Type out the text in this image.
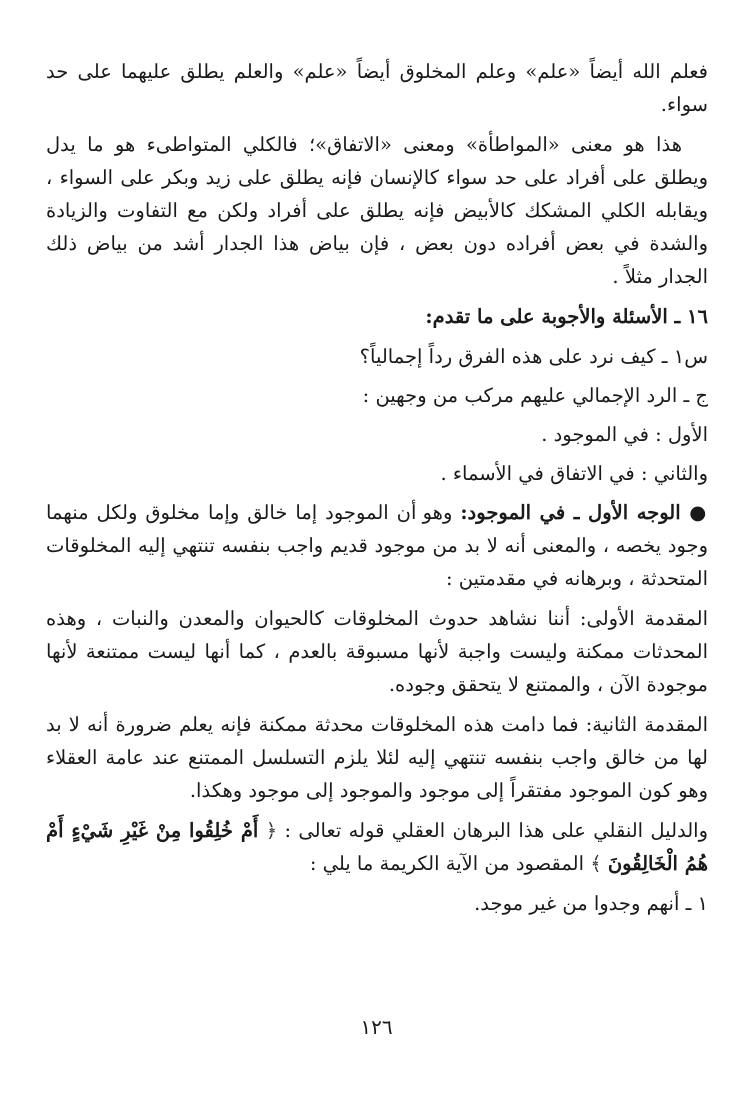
فعلم الله أيضاً «علم» وعلم المخلوق أيضاً «علم» والعلم يطلق عليهما على حد سواء.

هذا هو معنى «المواطأة» ومعنى «الاتفاق»؛ فالكلي المتواطىء هو ما يدل ويطلق على أفراد على حد سواء كالإنسان فإنه يطلق على زيد وبكر على السواء ، ويقابله الكلي المشكك كالأبيض فإنه يطلق على أفراد ولكن مع التفاوت والزيادة والشدة في بعض أفراده دون بعض ، فإن بياض هذا الجدار أشد من بياض ذلك الجدار مثلاً .

١٦ ـ الأسئلة والأجوبة على ما تقدم:

س١ ـ كيف نرد على هذه الفرق رداً إجمالياً؟

ج ـ الرد الإجمالي عليهم مركب من وجهين :

الأول : في الموجود .

والثاني : في الاتفاق في الأسماء .

● الوجه الأول ـ في الموجود: وهو أن الموجود إما خالق وإما مخلوق ولكل منهما وجود يخصه ، والمعنى أنه لا بد من موجود قديم واجب بنفسه تنتهي إليه المخلوقات المتحدثة ، وبرهانه في مقدمتين :

المقدمة الأولى: أننا نشاهد حدوث المخلوقات كالحيوان والمعدن والنبات ، وهذه المحدثات ممكنة وليست واجبة لأنها مسبوقة بالعدم ، كما أنها ليست ممتنعة لأنها موجودة الآن ، والممتنع لا يتحقق وجوده.

المقدمة الثانية: فما دامت هذه المخلوقات محدثة ممكنة فإنه يعلم ضرورة أنه لا بد لها من خالق واجب بنفسه تنتهي إليه لئلا يلزم التسلسل الممتنع عند عامة العقلاء وهو كون الموجود مفتقراً إلى موجود والموجود إلى موجود وهكذا.

والدليل النقلي على هذا البرهان العقلي قوله تعالى : ﴿ أَمْ خُلِقُوا مِنْ غَيْرِ شَيْءٍ أَمْ هُمُ الْخَالِقُونَ ﴾ المقصود من الآية الكريمة ما يلي :

١ ـ أنهم وجدوا من غير موجد.

١٢٦
